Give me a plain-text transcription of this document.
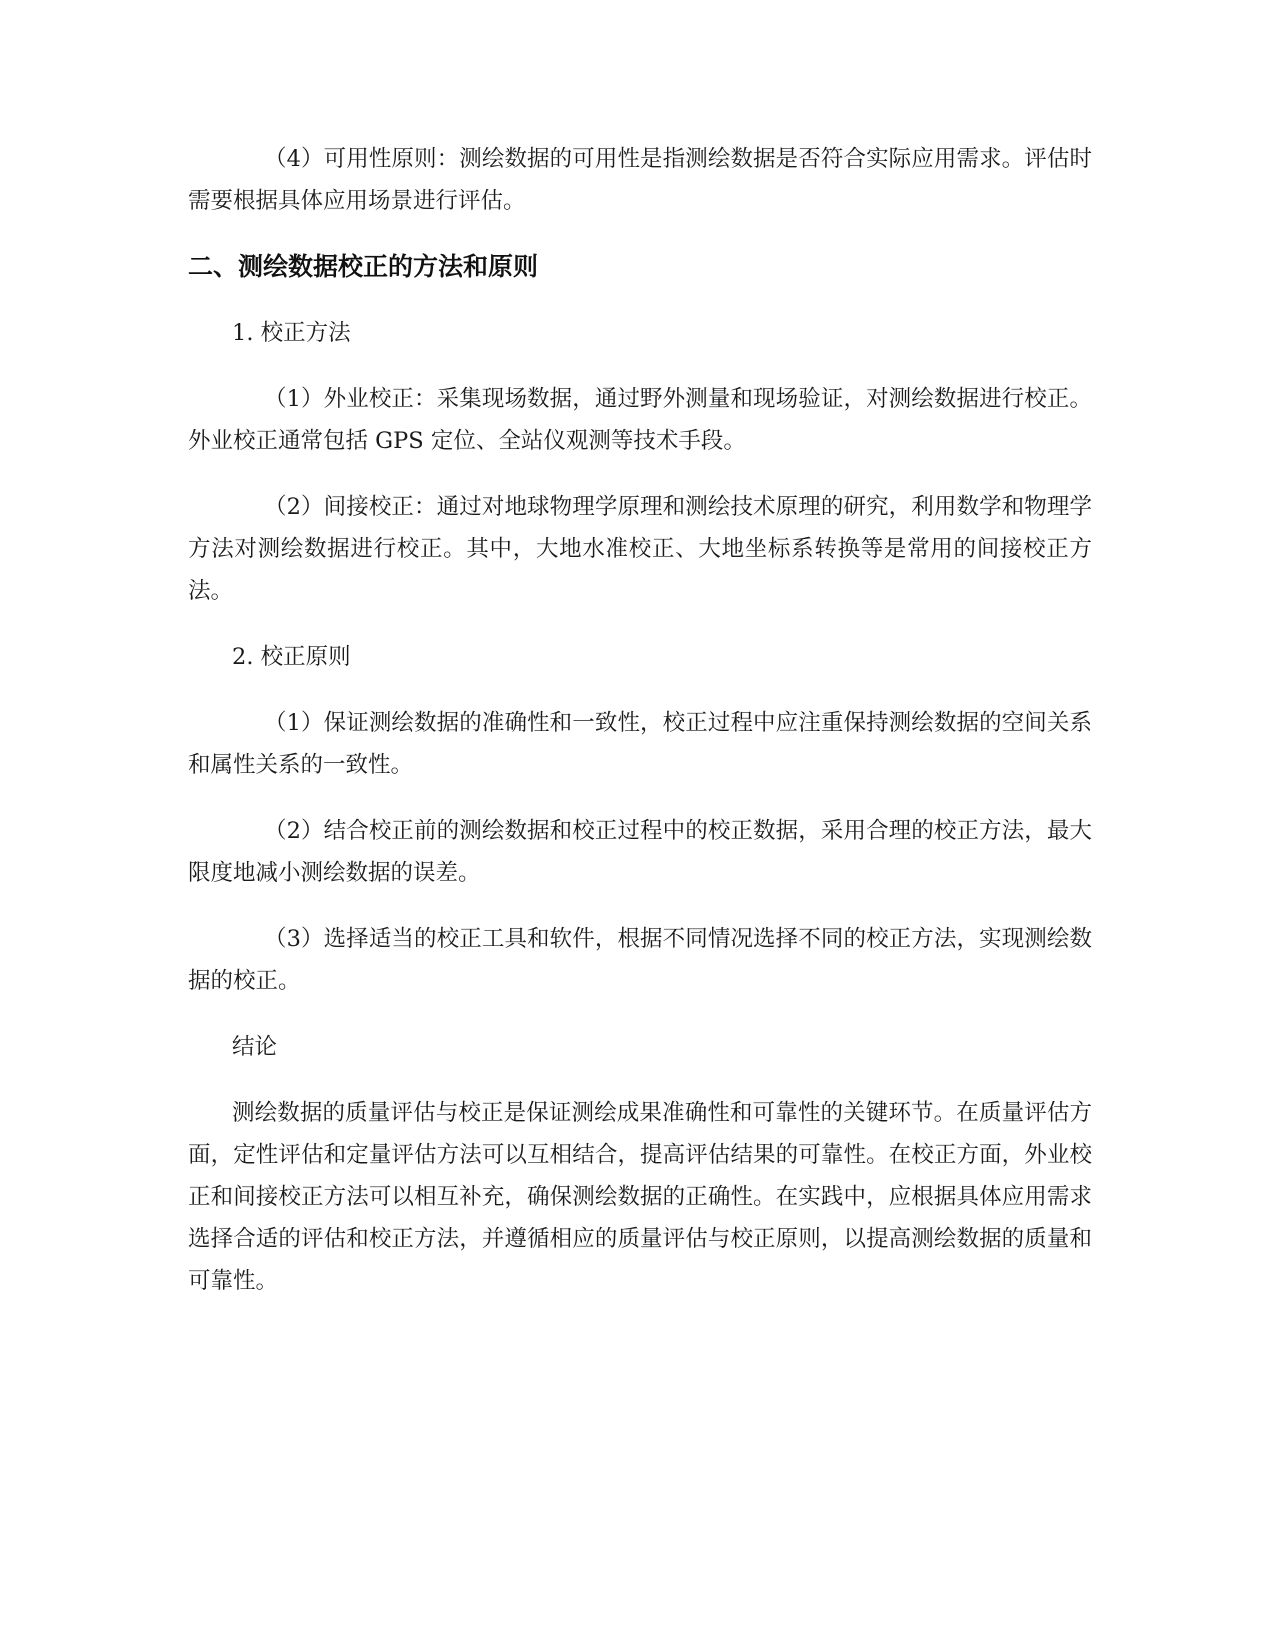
（4）可用性原则：测绘数据的可用性是指测绘数据是否符合实际应用需求。评估时需要根据具体应用场景进行评估。

二、测绘数据校正的方法和原则

1. 校正方法

（1）外业校正：采集现场数据，通过野外测量和现场验证，对测绘数据进行校正。外业校正通常包括 GPS 定位、全站仪观测等技术手段。

（2）间接校正：通过对地球物理学原理和测绘技术原理的研究，利用数学和物理学方法对测绘数据进行校正。其中，大地水准校正、大地坐标系转换等是常用的间接校正方法。

2. 校正原则

（1）保证测绘数据的准确性和一致性，校正过程中应注重保持测绘数据的空间关系和属性关系的一致性。

（2）结合校正前的测绘数据和校正过程中的校正数据，采用合理的校正方法，最大限度地减小测绘数据的误差。

（3）选择适当的校正工具和软件，根据不同情况选择不同的校正方法，实现测绘数据的校正。

结论

测绘数据的质量评估与校正是保证测绘成果准确性和可靠性的关键环节。在质量评估方面，定性评估和定量评估方法可以互相结合，提高评估结果的可靠性。在校正方面，外业校正和间接校正方法可以相互补充，确保测绘数据的正确性。在实践中，应根据具体应用需求选择合适的评估和校正方法，并遵循相应的质量评估与校正原则，以提高测绘数据的质量和可靠性。
